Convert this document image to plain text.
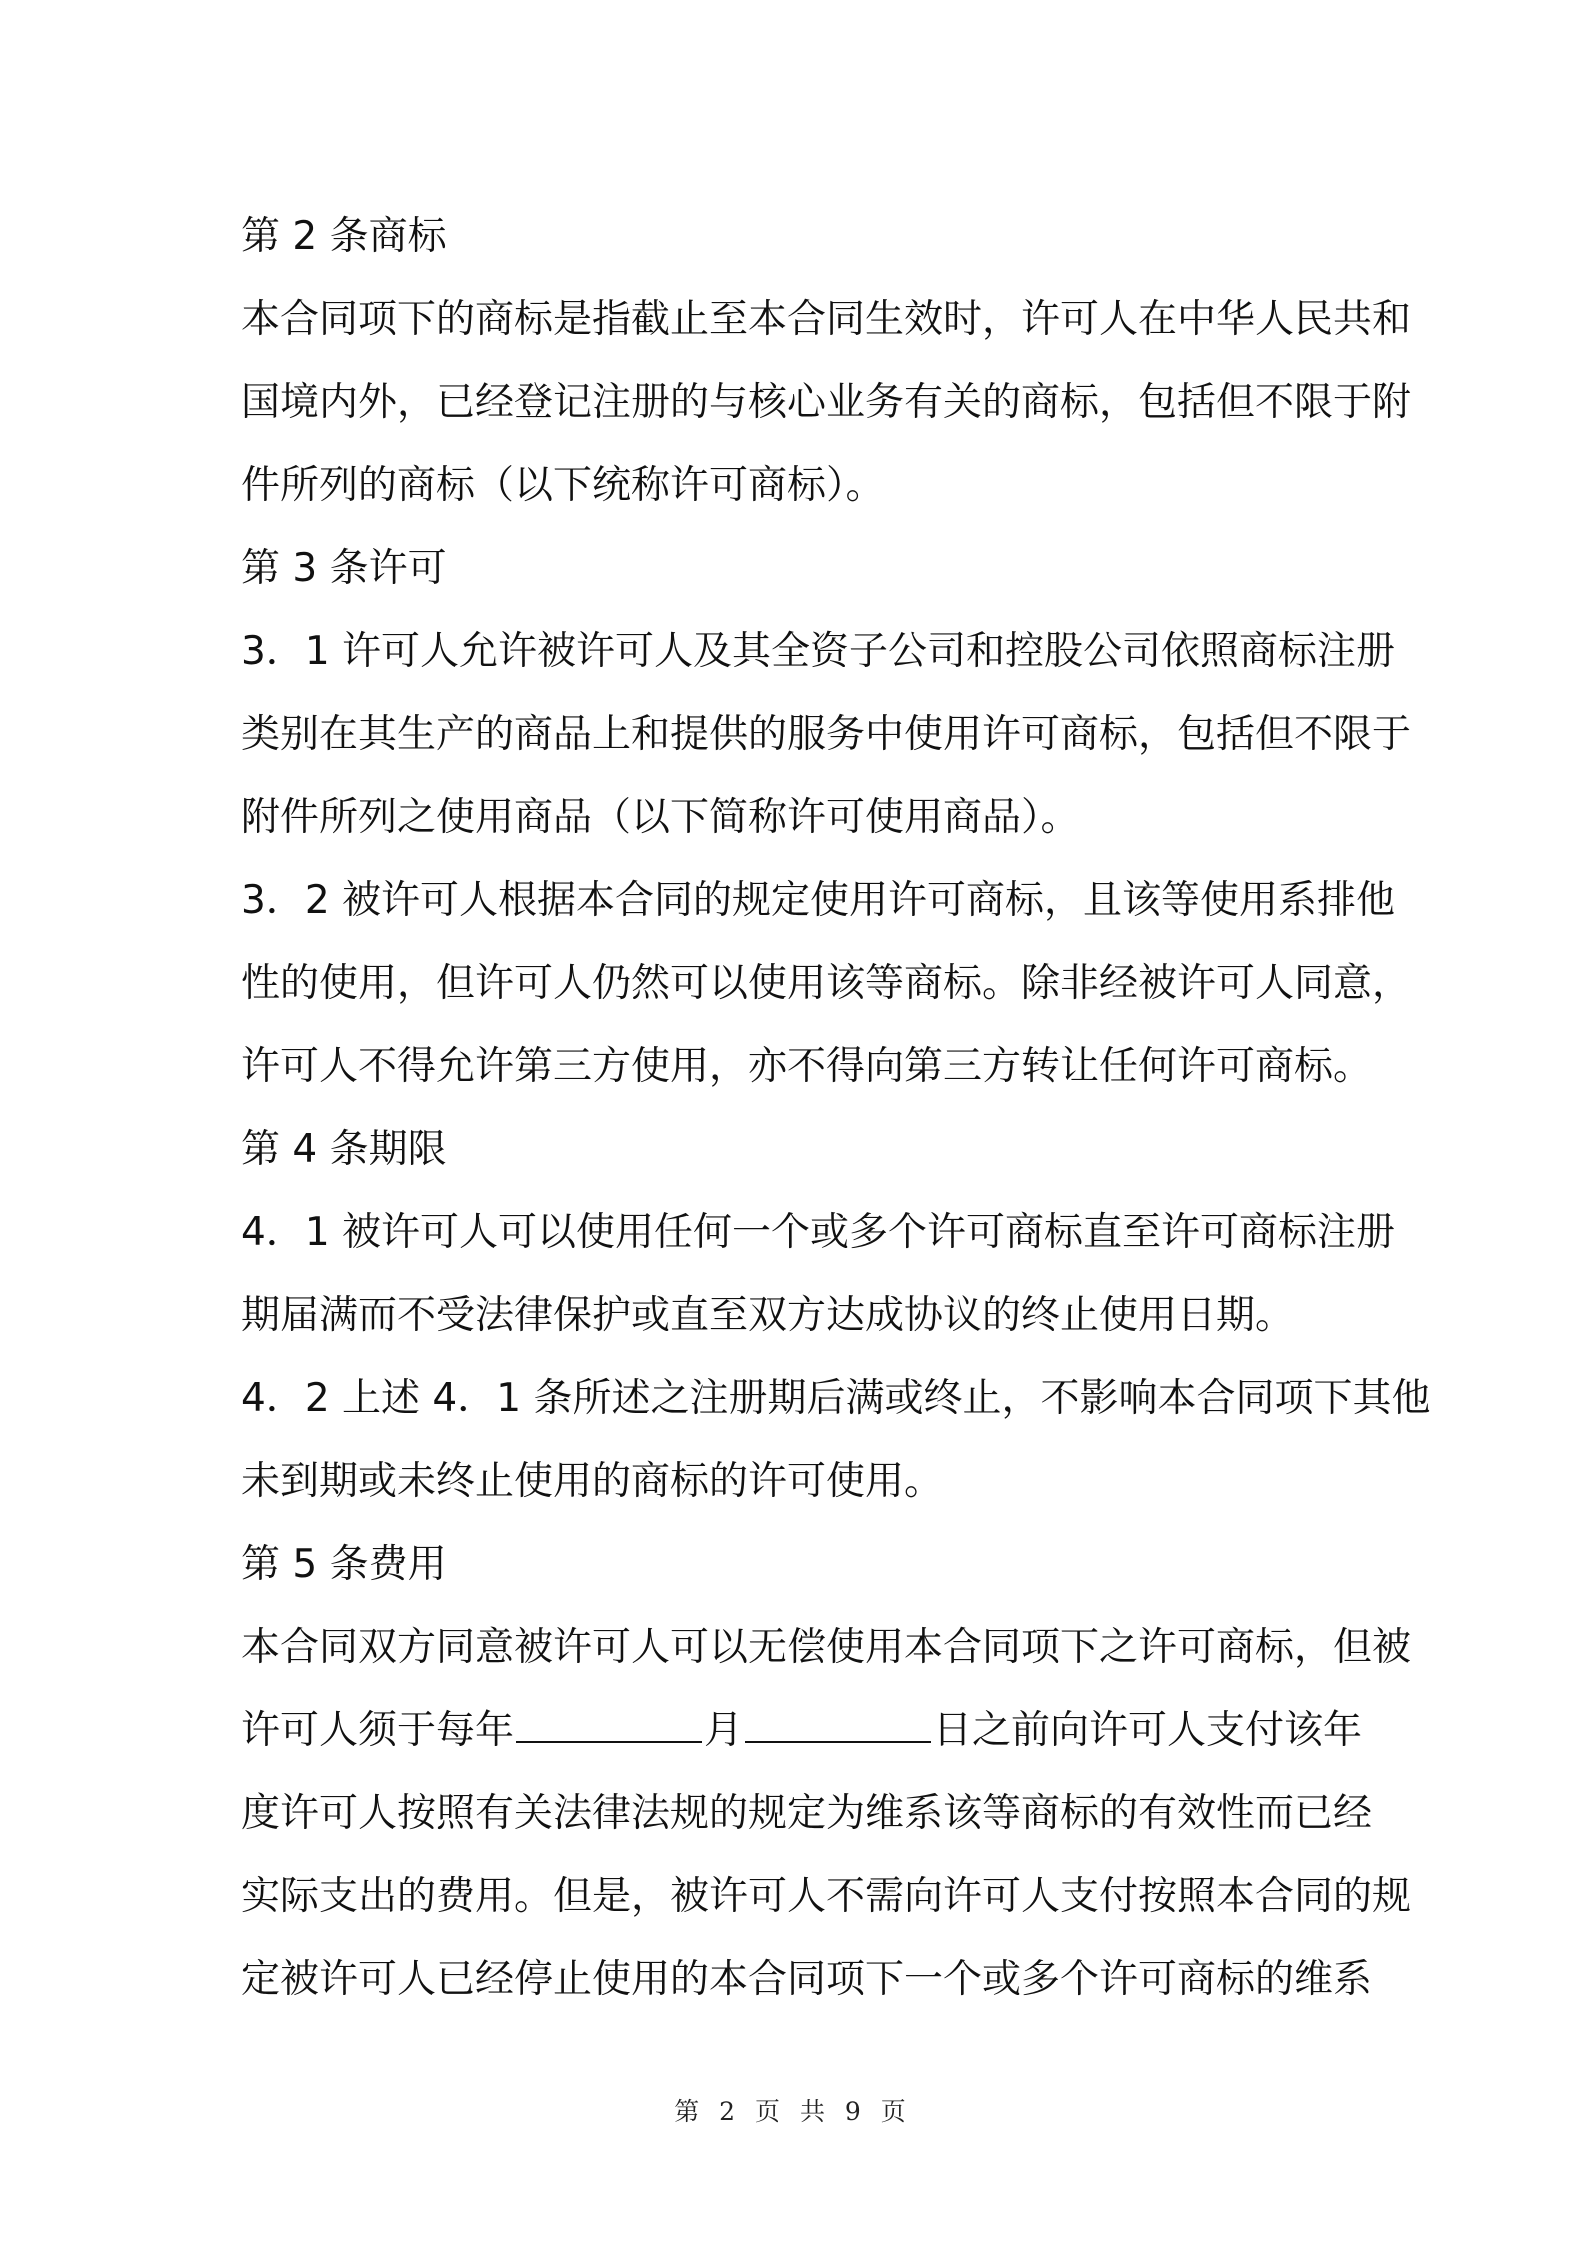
第 2 条商标

本合同项下的商标是指截止至本合同生效时，许可人在中华人民共和

国境内外，已经登记注册的与核心业务有关的商标，包括但不限于附

件所列的商标（以下统称许可商标）。

第 3 条许可

3．1 许可人允许被许可人及其全资子公司和控股公司依照商标注册

类别在其生产的商品上和提供的服务中使用许可商标，包括但不限于

附件所列之使用商品（以下简称许可使用商品）。

3．2 被许可人根据本合同的规定使用许可商标，且该等使用系排他

性的使用，但许可人仍然可以使用该等商标。除非经被许可人同意，

许可人不得允许第三方使用，亦不得向第三方转让任何许可商标。

第 4 条期限

4．1 被许可人可以使用任何一个或多个许可商标直至许可商标注册

期届满而不受法律保护或直至双方达成协议的终止使用日期。

4．2 上述 4．1 条所述之注册期后满或终止，不影响本合同项下其他

未到期或未终止使用的商标的许可使用。

第 5 条费用

本合同双方同意被许可人可以无偿使用本合同项下之许可商标，但被

许可人须于每年	月	日之前向许可人支付该年

度许可人按照有关法律法规的规定为维系该等商标的有效性而已经

实际支出的费用。但是，被许可人不需向许可人支付按照本合同的规

定被许可人已经停止使用的本合同项下一个或多个许可商标的维系

第 2 页 共 9 页
